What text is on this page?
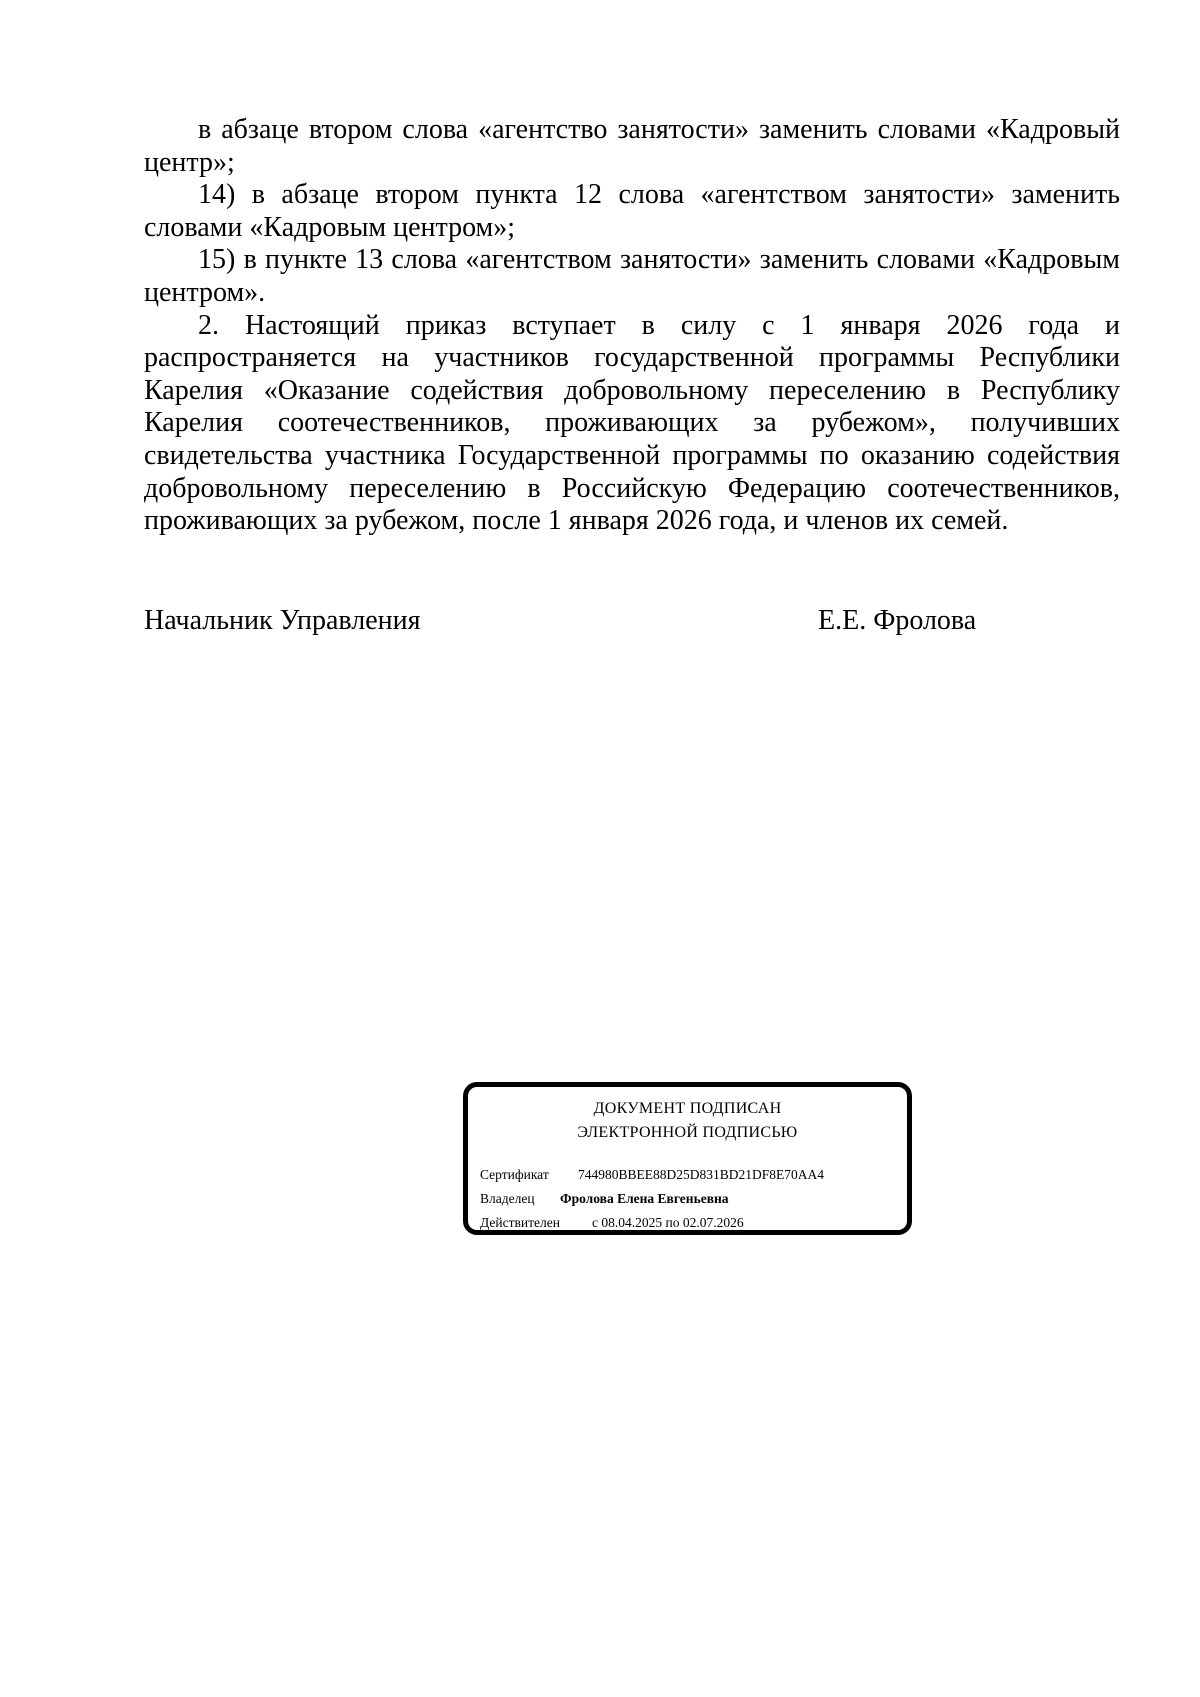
в абзаце втором слова «агентство занятости» заменить словами «Кадровый центр»;

14) в абзаце втором пункта 12 слова «агентством занятости» заменить словами «Кадровым центром»;

15) в пункте 13 слова «агентством занятости» заменить словами «Кадровым центром».

2. Настоящий приказ вступает в силу с 1 января 2026 года и распространяется на участников государственной программы Республики Карелия «Оказание содействия добровольному переселению в Республику Карелия соотечественников, проживающих за рубежом», получивших свидетельства участника Государственной программы по оказанию содействия добровольному переселению в Российскую Федерацию соотечественников, проживающих за рубежом, после 1 января 2026 года, и членов их семей.

Начальник Управления	Е.Е. Фролова
ДОКУМЕНТ ПОДПИСАН
ЭЛЕКТРОННОЙ ПОДПИСЬЮ
Сертификат 744980BBEE88D25D831BD21DF8E70AA4
Владелец Фролова Елена Евгеньевна
Действителен с 08.04.2025 по 02.07.2026
